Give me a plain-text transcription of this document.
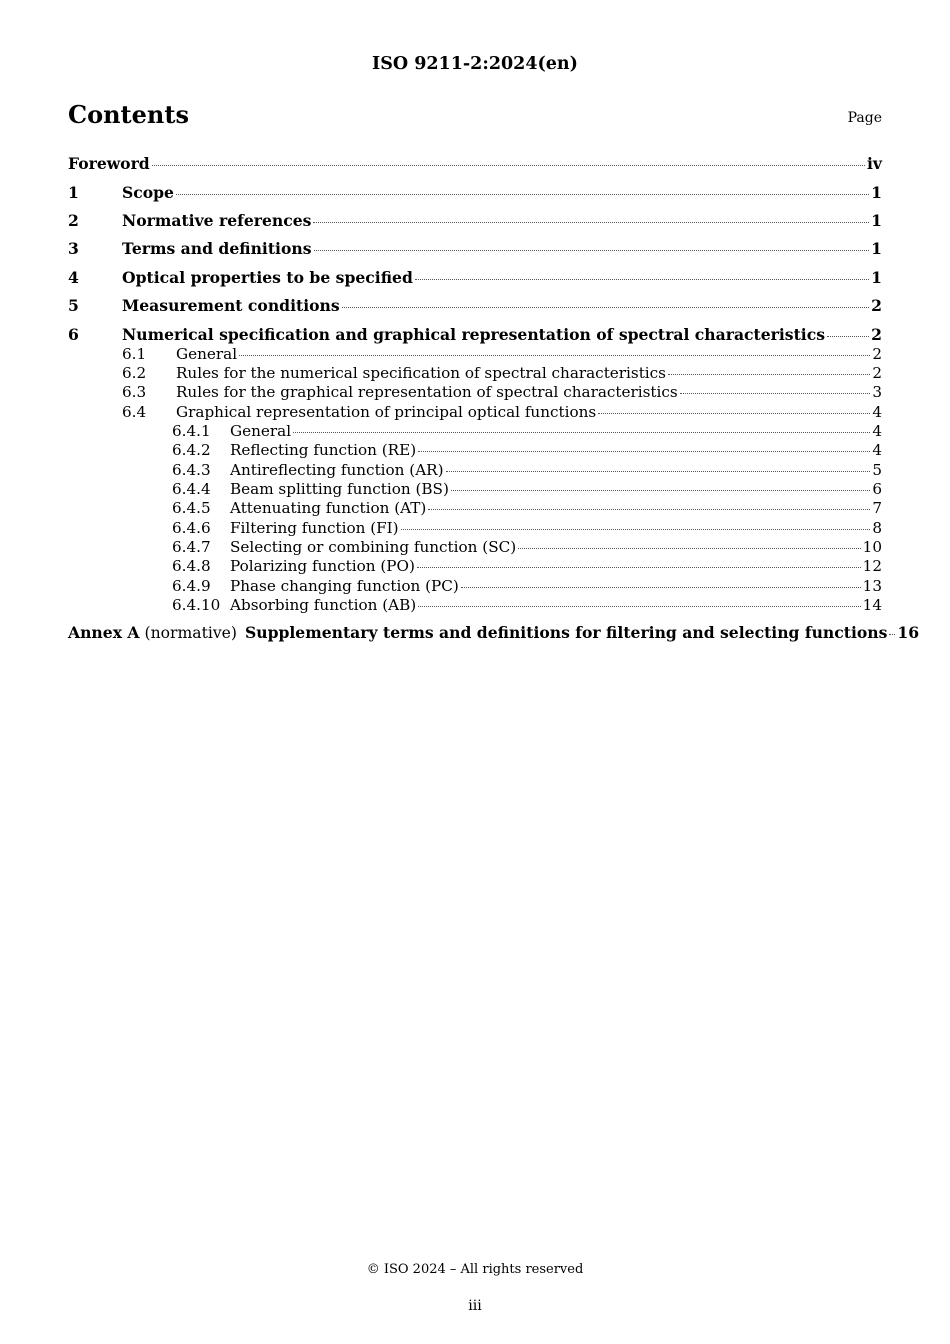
ISO 9211-2:2024(en)
Contents	Page
Foreword	iv
1	Scope	1
2	Normative references	1
3	Terms and definitions	1
4	Optical properties to be specified	1
5	Measurement conditions	2
6	Numerical specification and graphical representation of spectral characteristics	2
6.1	General	2
6.2	Rules for the numerical specification of spectral characteristics	2
6.3	Rules for the graphical representation of spectral characteristics	3
6.4	Graphical representation of principal optical functions	4
6.4.1	General	4
6.4.2	Reflecting function (RE)	4
6.4.3	Antireflecting function (AR)	5
6.4.4	Beam splitting function (BS)	6
6.4.5	Attenuating function (AT)	7
6.4.6	Filtering function (FI)	8
6.4.7	Selecting or combining function (SC)	10
6.4.8	Polarizing function (PO)	12
6.4.9	Phase changing function (PC)	13
6.4.10 Absorbing function (AB)	14
Annex A (normative) Supplementary terms and definitions for filtering and selecting functions 16
© ISO 2024 – All rights reserved
iii
